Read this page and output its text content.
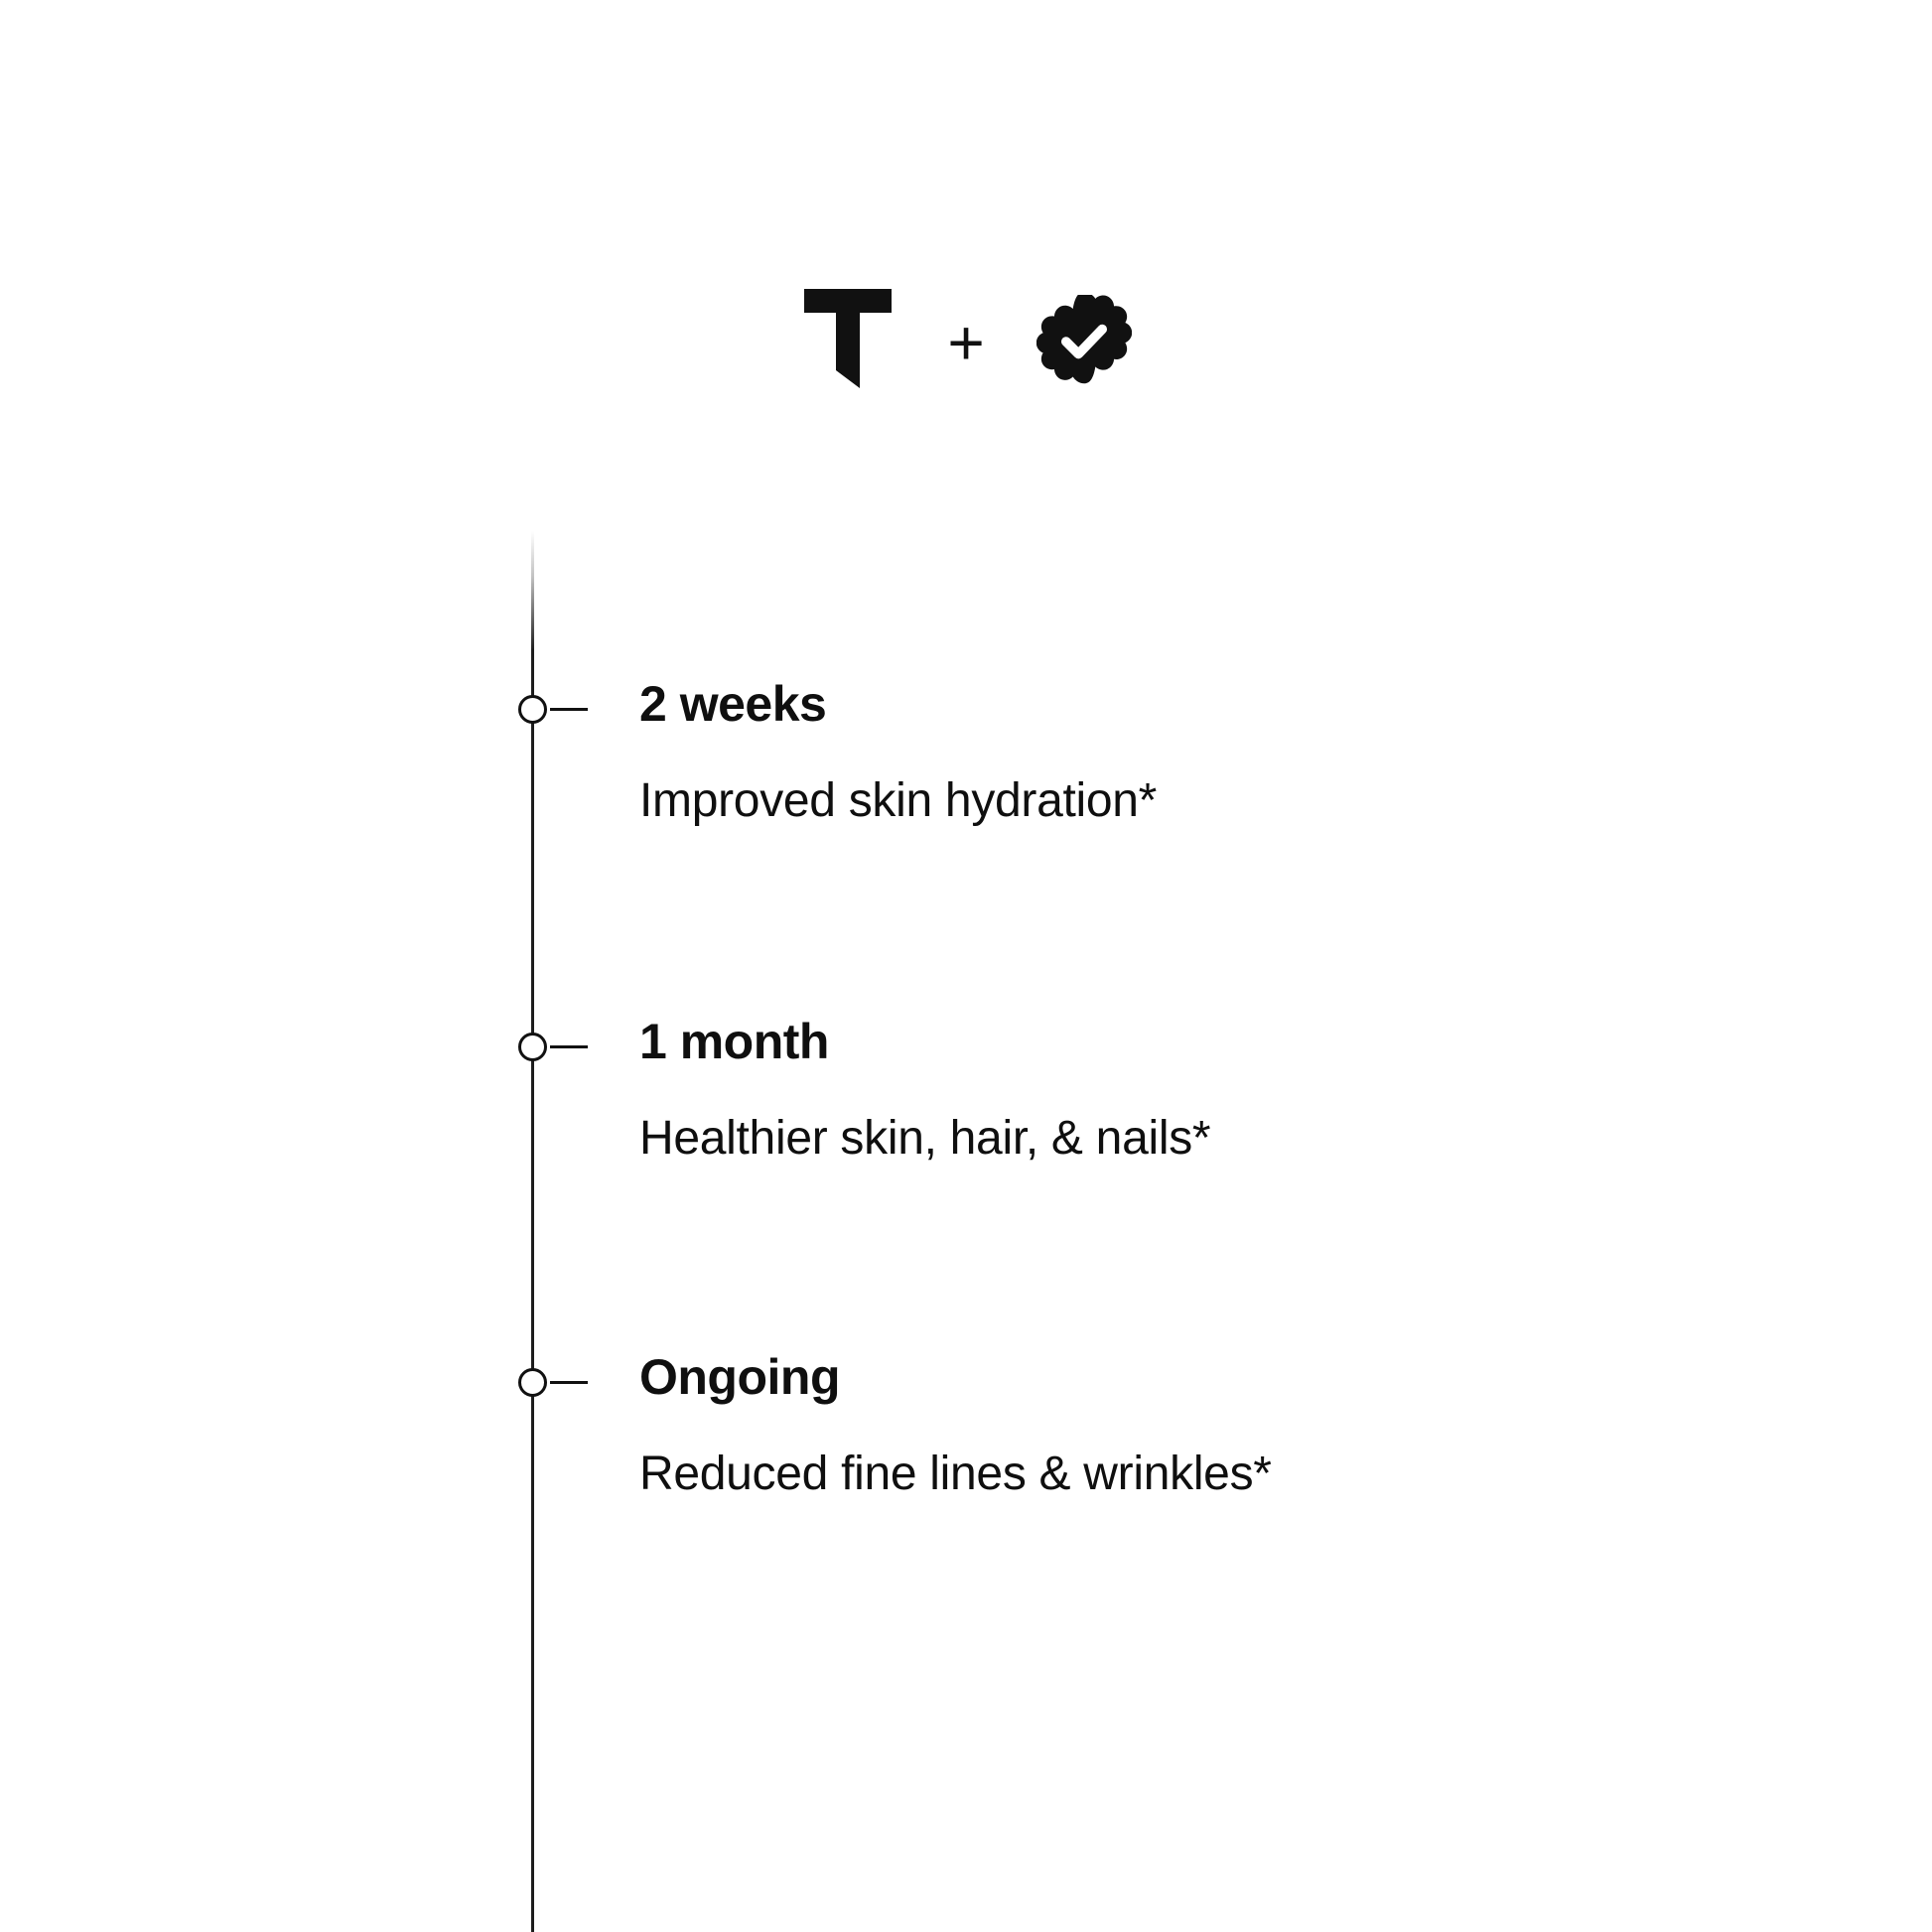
+
2 weeks
Improved skin hydration*
1 month
Healthier skin, hair, & nails*
Ongoing
Reduced fine lines & wrinkles*
